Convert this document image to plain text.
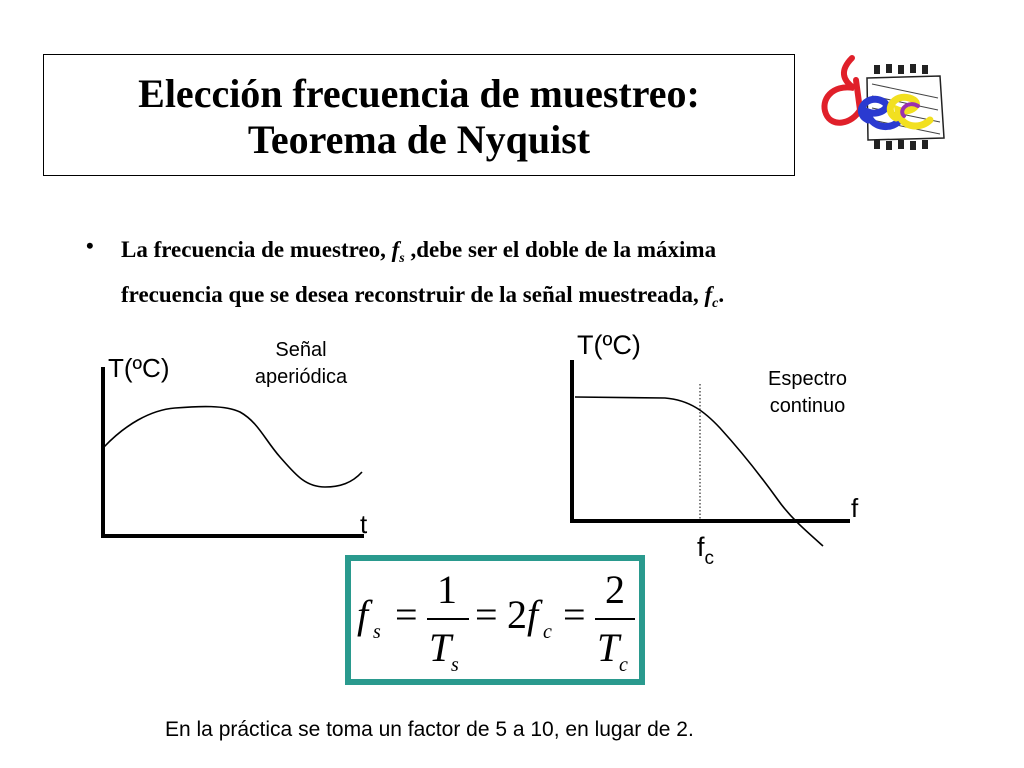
Elección frecuencia de muestreo:
Teorema de Nyquist
• La frecuencia de muestreo, $f_s$ ,debe ser el doble de la máxima
frecuencia que se desea reconstruir de la señal muestreada, $f_c$.
T(ºC)
t
Señal
aperiódica
T(ºC)
f
$f_c$
Espectro
continuo
f s =
1
T s
= 2 f c =
2
T c
En la práctica se toma un factor de 5 a 10, en lugar de 2.
